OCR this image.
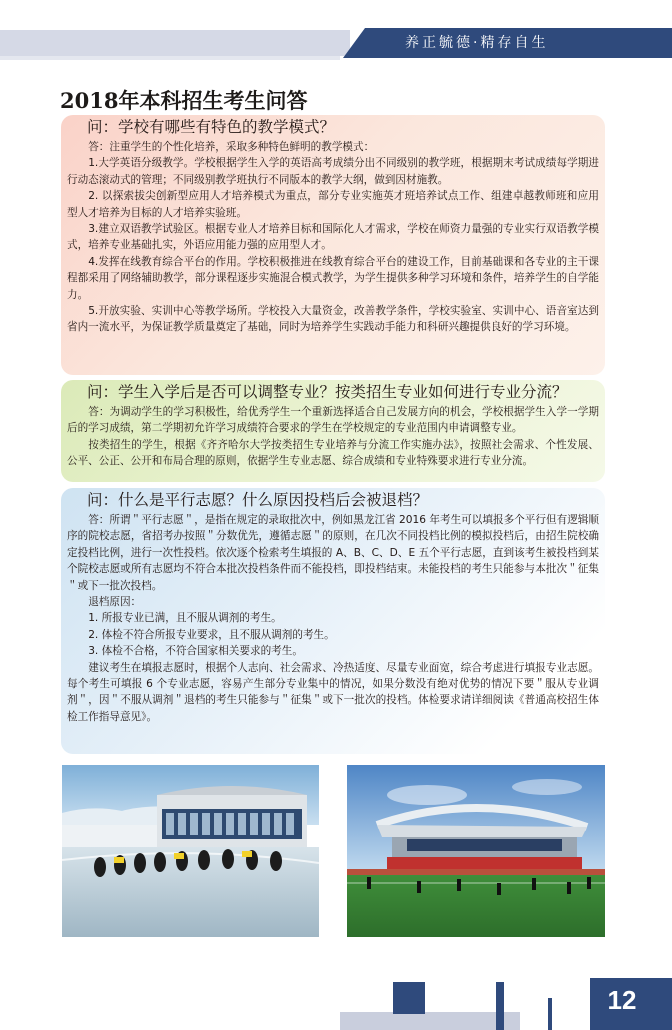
养正毓德·精存自生
2018年本科招生考生问答
问：学校有哪些有特色的教学模式？

答：注重学生的个性化培养，采取多种特色鲜明的教学模式：

1.大学英语分级教学。学校根据学生入学的英语高考成绩分出不同级别的教学班，根据期末考试成绩每学期进行动态滚动式的管理；不同级别教学班执行不同版本的教学大纲，做到因材施教。

2. 以探索拔尖创新型应用人才培养模式为重点，部分专业实施英才班培养试点工作、组建卓越教师班和应用型人才培养为目标的人才培养实验班。

3.建立双语教学试验区。根据专业人才培养目标和国际化人才需求，学校在师资力量强的专业实行双语教学模式，培养专业基础扎实，外语应用能力强的应用型人才。

4.发挥在线教育综合平台的作用。学校积极推进在线教育综合平台的建设工作，目前基础课和各专业的主干课程都采用了网络辅助教学，部分课程逐步实施混合模式教学，为学生提供多种学习环境和条件，培养学生的自学能力。

5.开放实验、实训中心等教学场所。学校投入大量资金，改善教学条件，学校实验室、实训中心、语音室达到省内一流水平，为保证教学质量奠定了基础，同时为培养学生实践动手能力和科研兴趣提供良好的学习环境。

问：学生入学后是否可以调整专业？按类招生专业如何进行专业分流？

答：为调动学生的学习积极性，给优秀学生一个重新选择适合自己发展方向的机会，学校根据学生入学一学期后的学习成绩，第二学期初允许学习成绩符合要求的学生在学校规定的专业范围内申请调整专业。

按类招生的学生，根据《齐齐哈尔大学按类招生专业培养与分流工作实施办法》，按照社会需求、个性发展、公平、公正、公开和布局合理的原则，依据学生专业志愿、综合成绩和专业特殊要求进行专业分流。

问：什么是平行志愿？什么原因投档后会被退档？

答：所谓＂平行志愿＂，是指在规定的录取批次中，例如黑龙江省 2016 年考生可以填报多个平行但有逻辑顺序的院校志愿，省招考办按照＂分数优先，遵循志愿＂的原则，在几次不同投档比例的模拟投档后，由招生院校确定投档比例，进行一次性投档。依次逐个检索考生填报的 A、B、C、D、E 五个平行志愿，直到该考生被投档到某个院校志愿或所有志愿均不符合本批次投档条件而不能投档，即投档结束。未能投档的考生只能参与本批次＂征集＂或下一批次投档。

退档原因：

1. 所报专业已满，且不服从调剂的考生。

2. 体检不符合所报专业要求，且不服从调剂的考生。

3. 体检不合格，不符合国家相关要求的考生。

建议考生在填报志愿时，根据个人志向、社会需求、冷热适度、尽量专业面宽，综合考虑进行填报专业志愿。每个考生可填报 6 个专业志愿，容易产生部分专业集中的情况，如果分数没有绝对优势的情况下要＂服从专业调剂＂，因＂不服从调剂＂退档的考生只能参与＂征集＂或下一批次的投档。体检要求请详细阅读《普通高校招生体检工作指导意见》。

12
